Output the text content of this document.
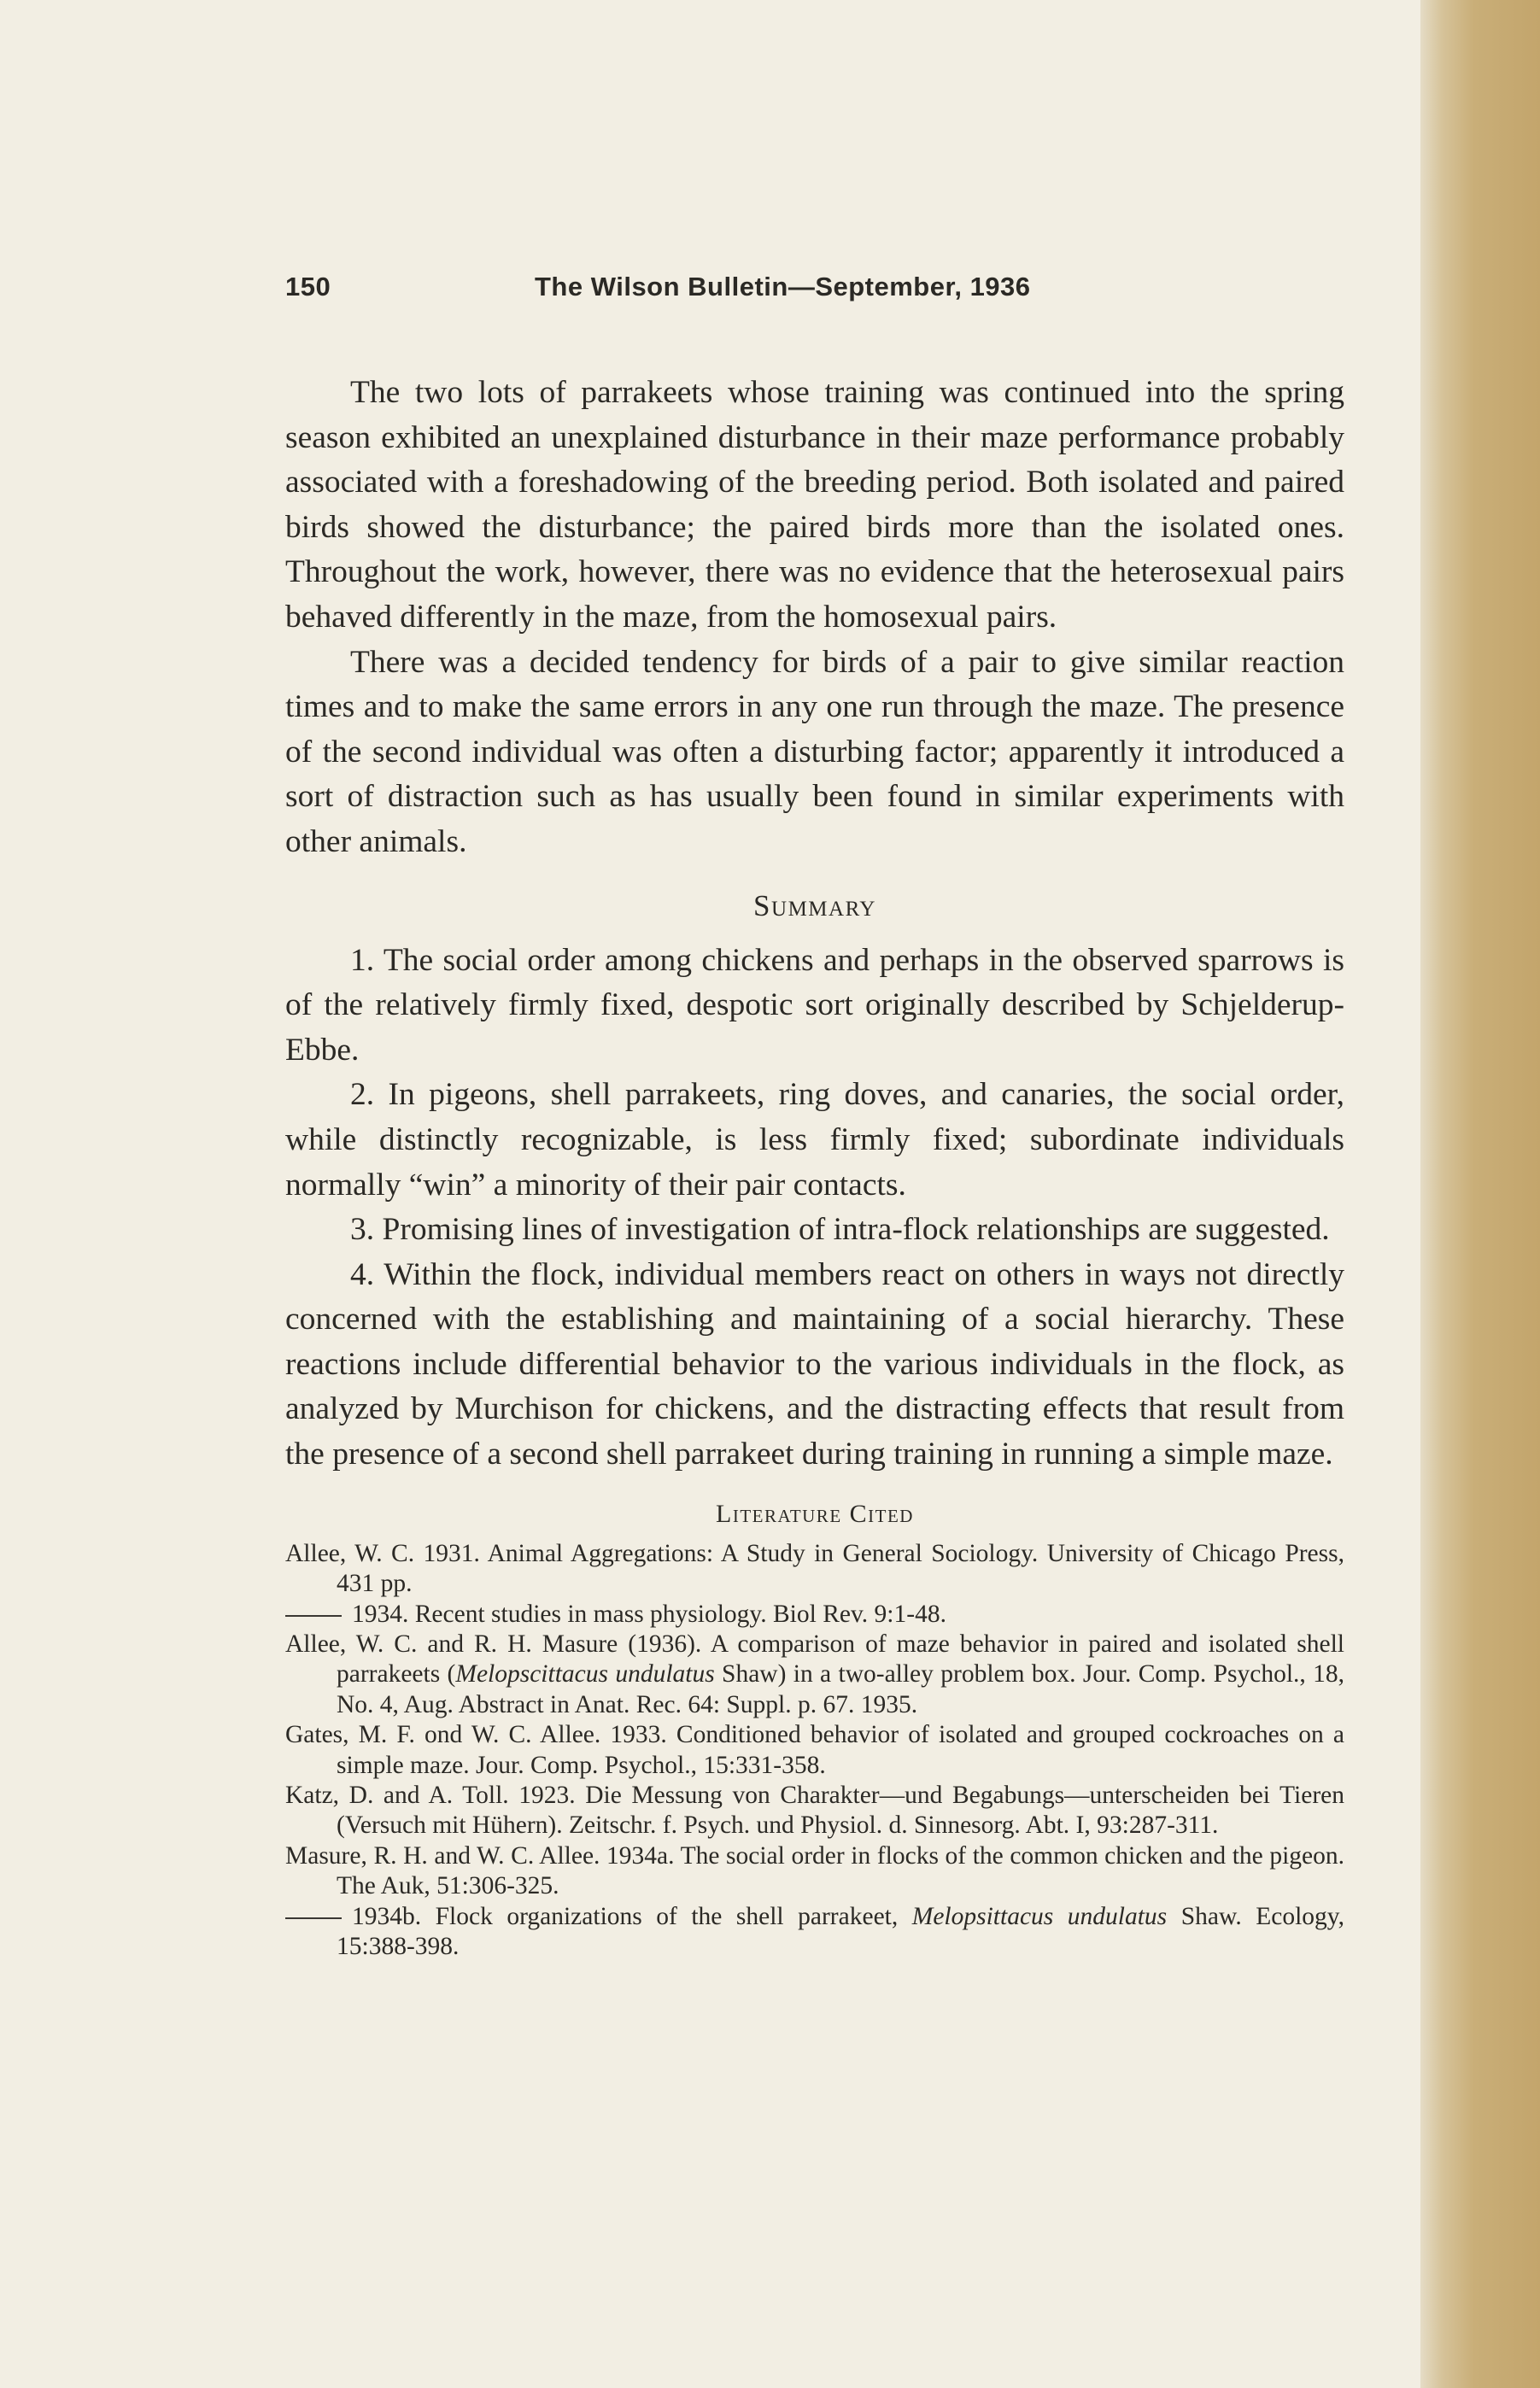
150	The Wilson Bulletin—September, 1936

The two lots of parrakeets whose training was continued into the spring season exhibited an unexplained disturbance in their maze performance probably associated with a foreshadowing of the breeding period. Both isolated and paired birds showed the disturbance; the paired birds more than the isolated ones. Throughout the work, however, there was no evidence that the heterosexual pairs behaved differently in the maze, from the homosexual pairs.

There was a decided tendency for birds of a pair to give similar reaction times and to make the same errors in any one run through the maze. The presence of the second individual was often a disturbing factor; apparently it introduced a sort of distraction such as has usually been found in similar experiments with other animals.

Summary

1. The social order among chickens and perhaps in the observed sparrows is of the relatively firmly fixed, despotic sort originally described by Schjelderup-Ebbe.

2. In pigeons, shell parrakeets, ring doves, and canaries, the social order, while distinctly recognizable, is less firmly fixed; subordinate individuals normally “win” a minority of their pair contacts.

3. Promising lines of investigation of intra-flock relationships are suggested.

4. Within the flock, individual members react on others in ways not directly concerned with the establishing and maintaining of a social hierarchy. These reactions include differential behavior to the various individuals in the flock, as analyzed by Murchison for chickens, and the distracting effects that result from the presence of a second shell parrakeet during training in running a simple maze.

Literature Cited

Allee, W. C. 1931. Animal Aggregations: A Study in General Sociology. University of Chicago Press, 431 pp.

1934. Recent studies in mass physiology. Biol Rev. 9:1-48.

Allee, W. C. and R. H. Masure (1936). A comparison of maze behavior in paired and isolated shell parrakeets (Melopscittacus undulatus Shaw) in a two-alley problem box. Jour. Comp. Psychol., 18, No. 4, Aug. Abstract in Anat. Rec. 64: Suppl. p. 67. 1935.

Gates, M. F. ond W. C. Allee. 1933. Conditioned behavior of isolated and grouped cockroaches on a simple maze. Jour. Comp. Psychol., 15:331-358.

Katz, D. and A. Toll. 1923. Die Messung von Charakter—und Begabungs—unterscheiden bei Tieren (Versuch mit Hühern). Zeitschr. f. Psych. und Physiol. d. Sinnesorg. Abt. I, 93:287-311.

Masure, R. H. and W. C. Allee. 1934a. The social order in flocks of the common chicken and the pigeon. The Auk, 51:306-325.

1934b. Flock organizations of the shell parrakeet, Melopsittacus undulatus Shaw. Ecology, 15:388-398.
